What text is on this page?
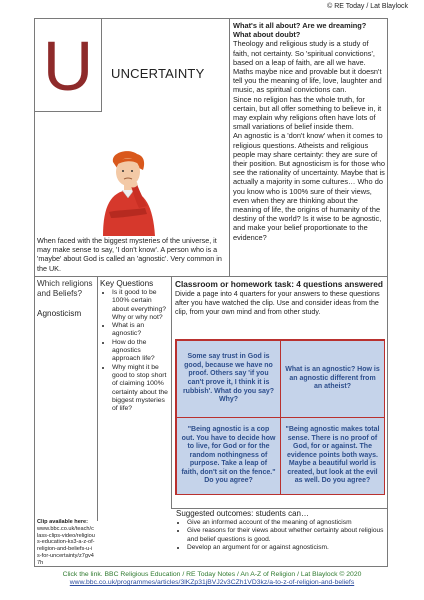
© RE Today / Lat Blaylock
U	UNCERTAINTY

What's it all about? Are we dreaming? What about doubt?

Theology and religious study is a study of faith, not certainty. So 'spiritual convictions', based on a leap of faith, are all we have. Maths maybe nice and provable but it doesn't tell you the meaning of life, love, laughter and music, as spiritual convictions can.

Since no religion has the whole truth, for certain, but all offer something to believe in, it may explain why religions often have lots of small variations of belief inside them.

An agnostic is a 'don't know' when it comes to religious questions. Atheists and religious people may share certainty: they are sure of their position. But agnosticism is for those who see the rationality of uncertainty. Maybe that is actually a majority in some cultures… Who do you know who is 100% sure of their views, even when they are thinking about the meaning of life, the origins of humanity of the destiny of the world? Is it wise to be agnostic, and make your belief proportionate to the evidence?

When faced with the biggest mysteries of the universe, it may make sense to say, 'I don't know'. A person who is a 'maybe' about God is called an 'agnostic'. Very common in the UK.
Which religions and Beliefs?
Agnosticism
Clip available here:
www.bbc.co.uk/teach/class-clips-video/religious-education-ks3-a-z-of-religion-and-beliefs-u-is-for-uncertainty/z7gv47h
Key Questions
• Is it good to be 100% certain about everything? Why or why not?
• What is an agnostic?
• How do the agnostics approach life?
• Why might it be good to stop short of claiming 100% certainty about the biggest mysteries of life?
Classroom or homework task: 4 questions answered
Divide a page into 4 quarters for your answers to these questions after you have watched the clip. Use and consider ideas from the clip, from your own mind and from other study.
Some say trust in God is good, because we have no proof. Others say 'if you can't prove it, I think it is rubbish'. What do you say? Why?
What is an agnostic? How is an agnostic different from an atheist?
"Being agnostic is a cop out. You have to decide how to live, for God or for the random nothingness of purpose. Take a leap of faith, don't sit on the fence." Do you agree?
"Being agnostic makes total sense. There is no proof of God, for or against. The evidence points both ways. Maybe a beautiful world is created, but look at the evil as well. Do you agree?
Suggested outcomes: students can…
• Give an informed account of the meaning of agnosticism
• Give reasons for their views about whether certainty about religious and belief questions is good.
• Develop an argument for or against agnosticism.
Click the link. BBC Religious Education / RE Today Notes / An A-Z of Religion / Lat Blaylock © 2020
www.bbc.co.uk/programmes/articles/3lKZp31jBVJ2v3CZh1VD3kz/a-to-z-of-religion-and-beliefs
